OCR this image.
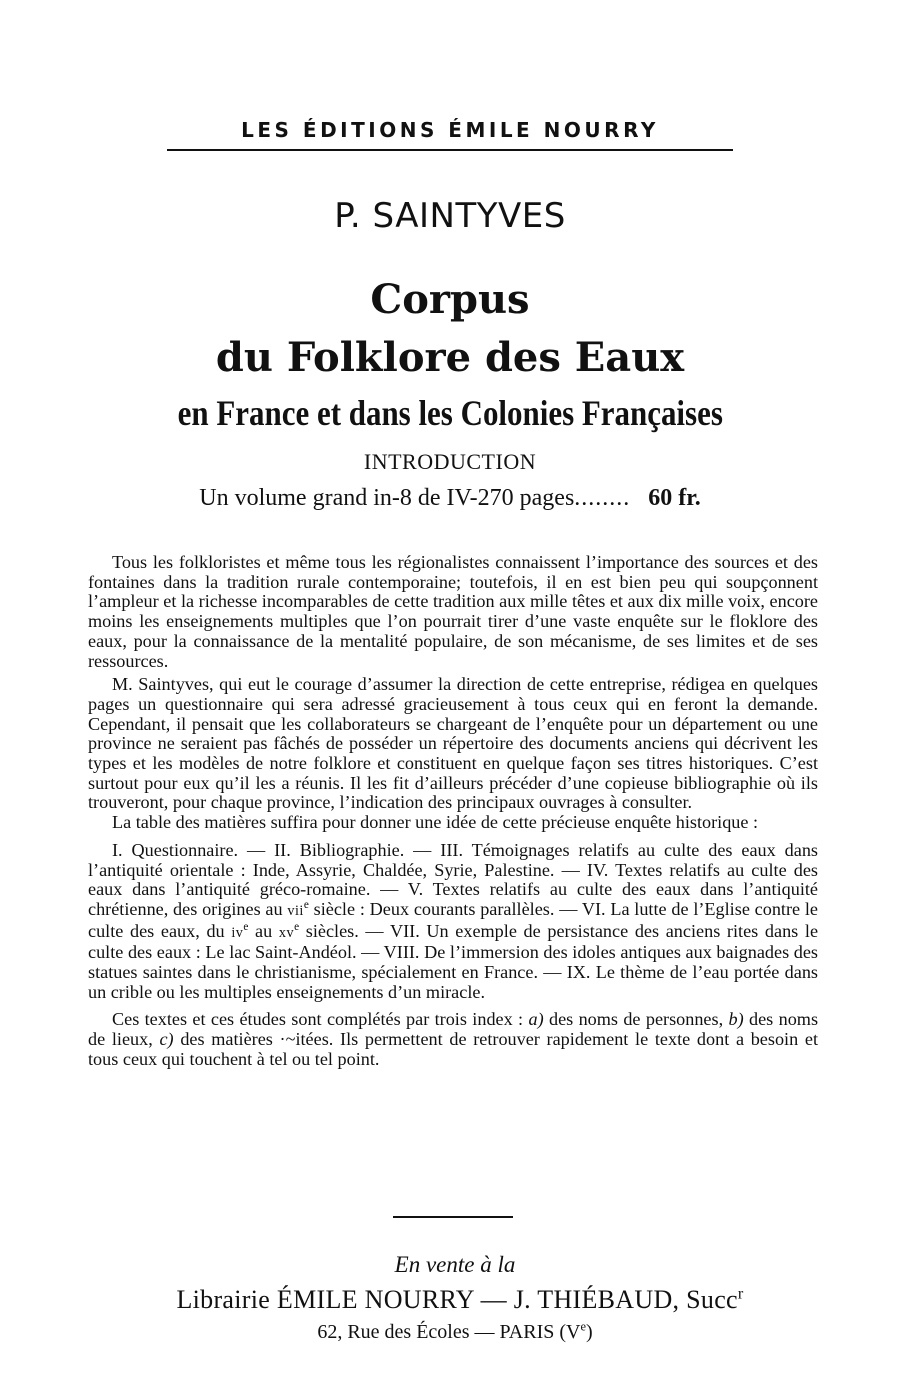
LES ÉDITIONS ÉMILE NOURRY
P. SAINTYVES
Corpus
du Folklore des Eaux
en France et dans les Colonies Françaises
INTRODUCTION
Un volume grand in-8 de IV-270 pages........ 60 fr.

Tous les folkloristes et même tous les régionalistes connaissent l’importance des sources et des fontaines dans la tradition rurale contemporaine; toutefois, il en est bien peu qui soupçonnent l’ampleur et la richesse incomparables de cette tradition aux mille têtes et aux dix mille voix, encore moins les enseignements multiples que l’on pourrait tirer d’une vaste enquête sur le floklore des eaux, pour la connaissance de la mentalité populaire, de son mécanisme, de ses limites et de ses ressources.

M. Saintyves, qui eut le courage d’assumer la direction de cette entreprise, rédigea en quelques pages un questionnaire qui sera adressé gracieusement à tous ceux qui en feront la demande. Cependant, il pensait que les collaborateurs se chargeant de l’enquête pour un département ou une province ne seraient pas fâchés de posséder un répertoire des documents anciens qui décrivent les types et les modèles de notre folklore et constituent en quelque façon ses titres historiques. C’est surtout pour eux qu’il les a réunis. Il les fit d’ailleurs précéder d’une copieuse bibliographie où ils trouveront, pour chaque province, l’indication des principaux ouvrages à consulter.

La table des matières suffira pour donner une idée de cette précieuse enquête historique :

I. Questionnaire. — II. Bibliographie. — III. Témoignages relatifs au culte des eaux dans l’antiquité orientale : Inde, Assyrie, Chaldée, Syrie, Palestine. — IV. Textes relatifs au culte des eaux dans l’antiquité gréco-romaine. — V. Textes relatifs au culte des eaux dans l’antiquité chrétienne, des origines au vii$^e$ siècle : Deux courants parallèles. — VI. La lutte de l’Eglise contre le culte des eaux, du $iv^e$ au $xv^e$ siècles. — VII. Un exemple de persistance des anciens rites dans le culte des eaux : Le lac Saint-Andéol. — VIII. De l’immersion des idoles antiques aux baignades des statues saintes dans le christianisme, spécialement en France. — IX. Le thème de l’eau portée dans un crible ou les multiples enseignements d’un miracle.

Ces textes et ces études sont complétés par trois index : a) des noms de personnes, b) des noms de lieux, c) des matières ·~itées. Ils permettent de retrouver rapidement le texte dont a besoin et tous ceux qui touchent à tel ou tel point.

En vente à la
Librairie ÉMILE NOURRY — J. THIÉBAUD, Succ$^r$
62, Rue des Écoles — PARIS (Ve)
